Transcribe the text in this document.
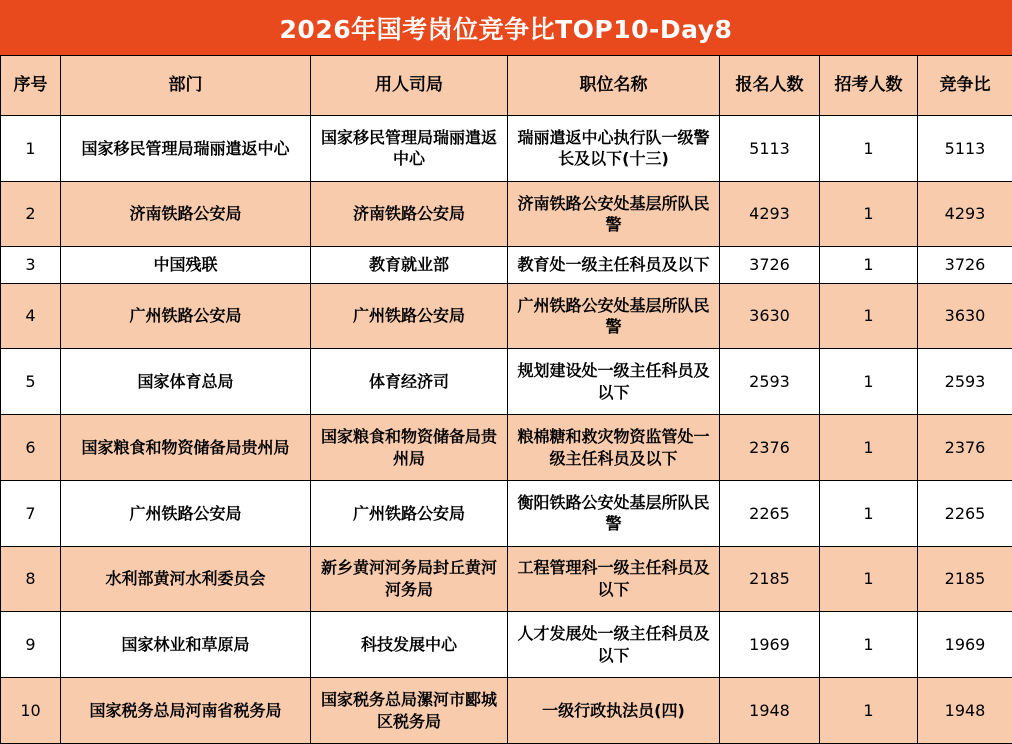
2026年国考岗位竞争比TOP10-Day8
序号	部门	用人司局	职位名称	报名人数	招考人数	竞争比
1	国家移民管理局瑞丽遣返中心	国家移民管理局瑞丽遣返中心	瑞丽遣返中心执行队一级警长及以下(十三)	5113	1	5113
2	济南铁路公安局	济南铁路公安局	济南铁路公安处基层所队民警	4293	1	4293
3	中国残联	教育就业部	教育处一级主任科员及以下	3726	1	3726
4	广州铁路公安局	广州铁路公安局	广州铁路公安处基层所队民警	3630	1	3630
5	国家体育总局	体育经济司	规划建设处一级主任科员及以下	2593	1	2593
6	国家粮食和物资储备局贵州局	国家粮食和物资储备局贵州局	粮棉糖和救灾物资监管处一级主任科员及以下	2376	1	2376
7	广州铁路公安局	广州铁路公安局	衡阳铁路公安处基层所队民警	2265	1	2265
8	水利部黄河水利委员会	新乡黄河河务局封丘黄河河务局	工程管理科一级主任科员及以下	2185	1	2185
9	国家林业和草原局	科技发展中心	人才发展处一级主任科员及以下	1969	1	1969
10	国家税务总局河南省税务局	国家税务总局漯河市郾城区税务局	一级行政执法员(四)	1948	1	1948
